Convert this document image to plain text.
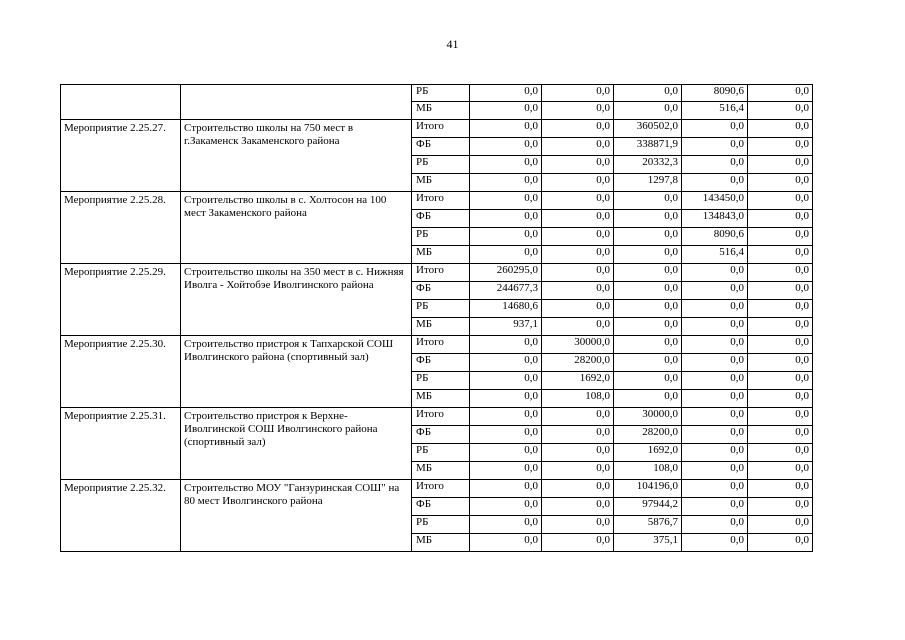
41
		РБ	0,0	0,0	0,0	8090,6	0,0
		МБ	0,0	0,0	0,0	516,4	0,0
Мероприятие 2.25.27.	Строительство школы на 750 мест в г.Закаменск Закаменского района	Итого	0,0	0,0	360502,0	0,0	0,0
		ФБ	0,0	0,0	338871,9	0,0	0,0
		РБ	0,0	0,0	20332,3	0,0	0,0
		МБ	0,0	0,0	1297,8	0,0	0,0
Мероприятие 2.25.28.	Строительство школы в с. Холтосон на 100 мест Закаменского района	Итого	0,0	0,0	0,0	143450,0	0,0
		ФБ	0,0	0,0	0,0	134843,0	0,0
		РБ	0,0	0,0	0,0	8090,6	0,0
		МБ	0,0	0,0	0,0	516,4	0,0
Мероприятие 2.25.29.	Строительство школы на 350 мест в с. Нижняя Иволга - Хойтобэе Иволгинского района	Итого	260295,0	0,0	0,0	0,0	0,0
		ФБ	244677,3	0,0	0,0	0,0	0,0
		РБ	14680,6	0,0	0,0	0,0	0,0
		МБ	937,1	0,0	0,0	0,0	0,0
Мероприятие 2.25.30.	Строительство пристроя к Тапхарской СОШ Иволгинского района (спортивный зал)	Итого	0,0	30000,0	0,0	0,0	0,0
		ФБ	0,0	28200,0	0,0	0,0	0,0
		РБ	0,0	1692,0	0,0	0,0	0,0
		МБ	0,0	108,0	0,0	0,0	0,0
Мероприятие 2.25.31.	Строительство пристроя к Верхне-Иволгинской СОШ Иволгинского района (спортивный зал)	Итого	0,0	0,0	30000,0	0,0	0,0
		ФБ	0,0	0,0	28200,0	0,0	0,0
		РБ	0,0	0,0	1692,0	0,0	0,0
		МБ	0,0	0,0	108,0	0,0	0,0
Мероприятие 2.25.32.	Строительство МОУ "Ганзуринская СОШ" на 80 мест Иволгинского района	Итого	0,0	0,0	104196,0	0,0	0,0
		ФБ	0,0	0,0	97944,2	0,0	0,0
		РБ	0,0	0,0	5876,7	0,0	0,0
		МБ	0,0	0,0	375,1	0,0	0,0
